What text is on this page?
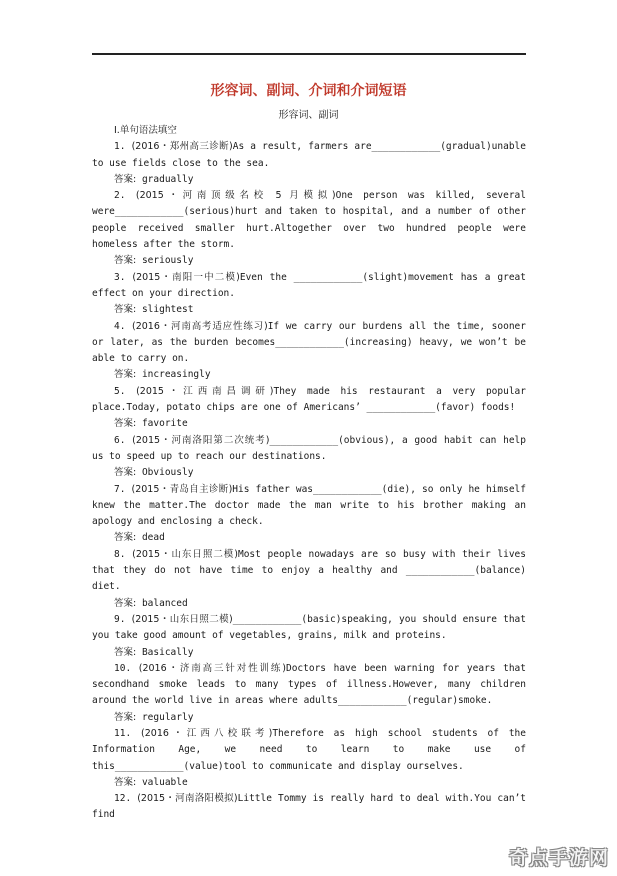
形容词、副词、介词和介词短语
形容词、副词
Ⅰ.单句语法填空
1. (2016・郑州高三诊断)As a result, farmers are____________(gradual)unable to use fields close to the sea.
答案: gradually
2. (2015・河南顶级名校 5 月模拟)One person was killed, several were____________(serious)hurt and taken to hospital, and a number of other people received smaller hurt.Altogether over two hundred people were homeless after the storm.
答案: seriously
3. (2015・南阳一中二模)Even the ____________(slight)movement has a great effect on your direction.
答案: slightest
4. (2016・河南高考适应性练习)If we carry our burdens all the time, sooner or later, as the burden becomes____________(increasing) heavy, we won’t be able to carry on.
答案: increasingly
5. (2015・江西南昌调研)They made his restaurant a very popular place.Today, potato chips are one of Americans’ ____________(favor) foods!
答案: favorite
6. (2015・河南洛阳第二次统考)____________(obvious), a good habit can help us to speed up to reach our destinations.
答案: Obviously
7. (2015・青岛自主诊断)His father was____________(die), so only he himself knew the matter.The doctor made the man write to his brother making an apology and enclosing a check.
答案: dead
8. (2015・山东日照二模)Most people nowadays are so busy with their lives that they do not have time to enjoy a healthy and ____________(balance) diet.
答案: balanced
9. (2015・山东日照二模)____________(basic)speaking, you should ensure that you take good amount of vegetables, grains, milk and proteins.
答案: Basically
10. (2016・济南高三针对性训练)Doctors have been warning for years that secondhand smoke leads to many types of illness.However, many children around the world live in areas where adults____________(regular)smoke.
答案: regularly
11. (2016・江西八校联考)Therefore as high school students of the Information Age, we need to learn to make use of this____________(value)tool to communicate and display ourselves.
答案: valuable
12. (2015・河南洛阳模拟)Little Tommy is really hard to deal with.You can’t find
奇点手游网
